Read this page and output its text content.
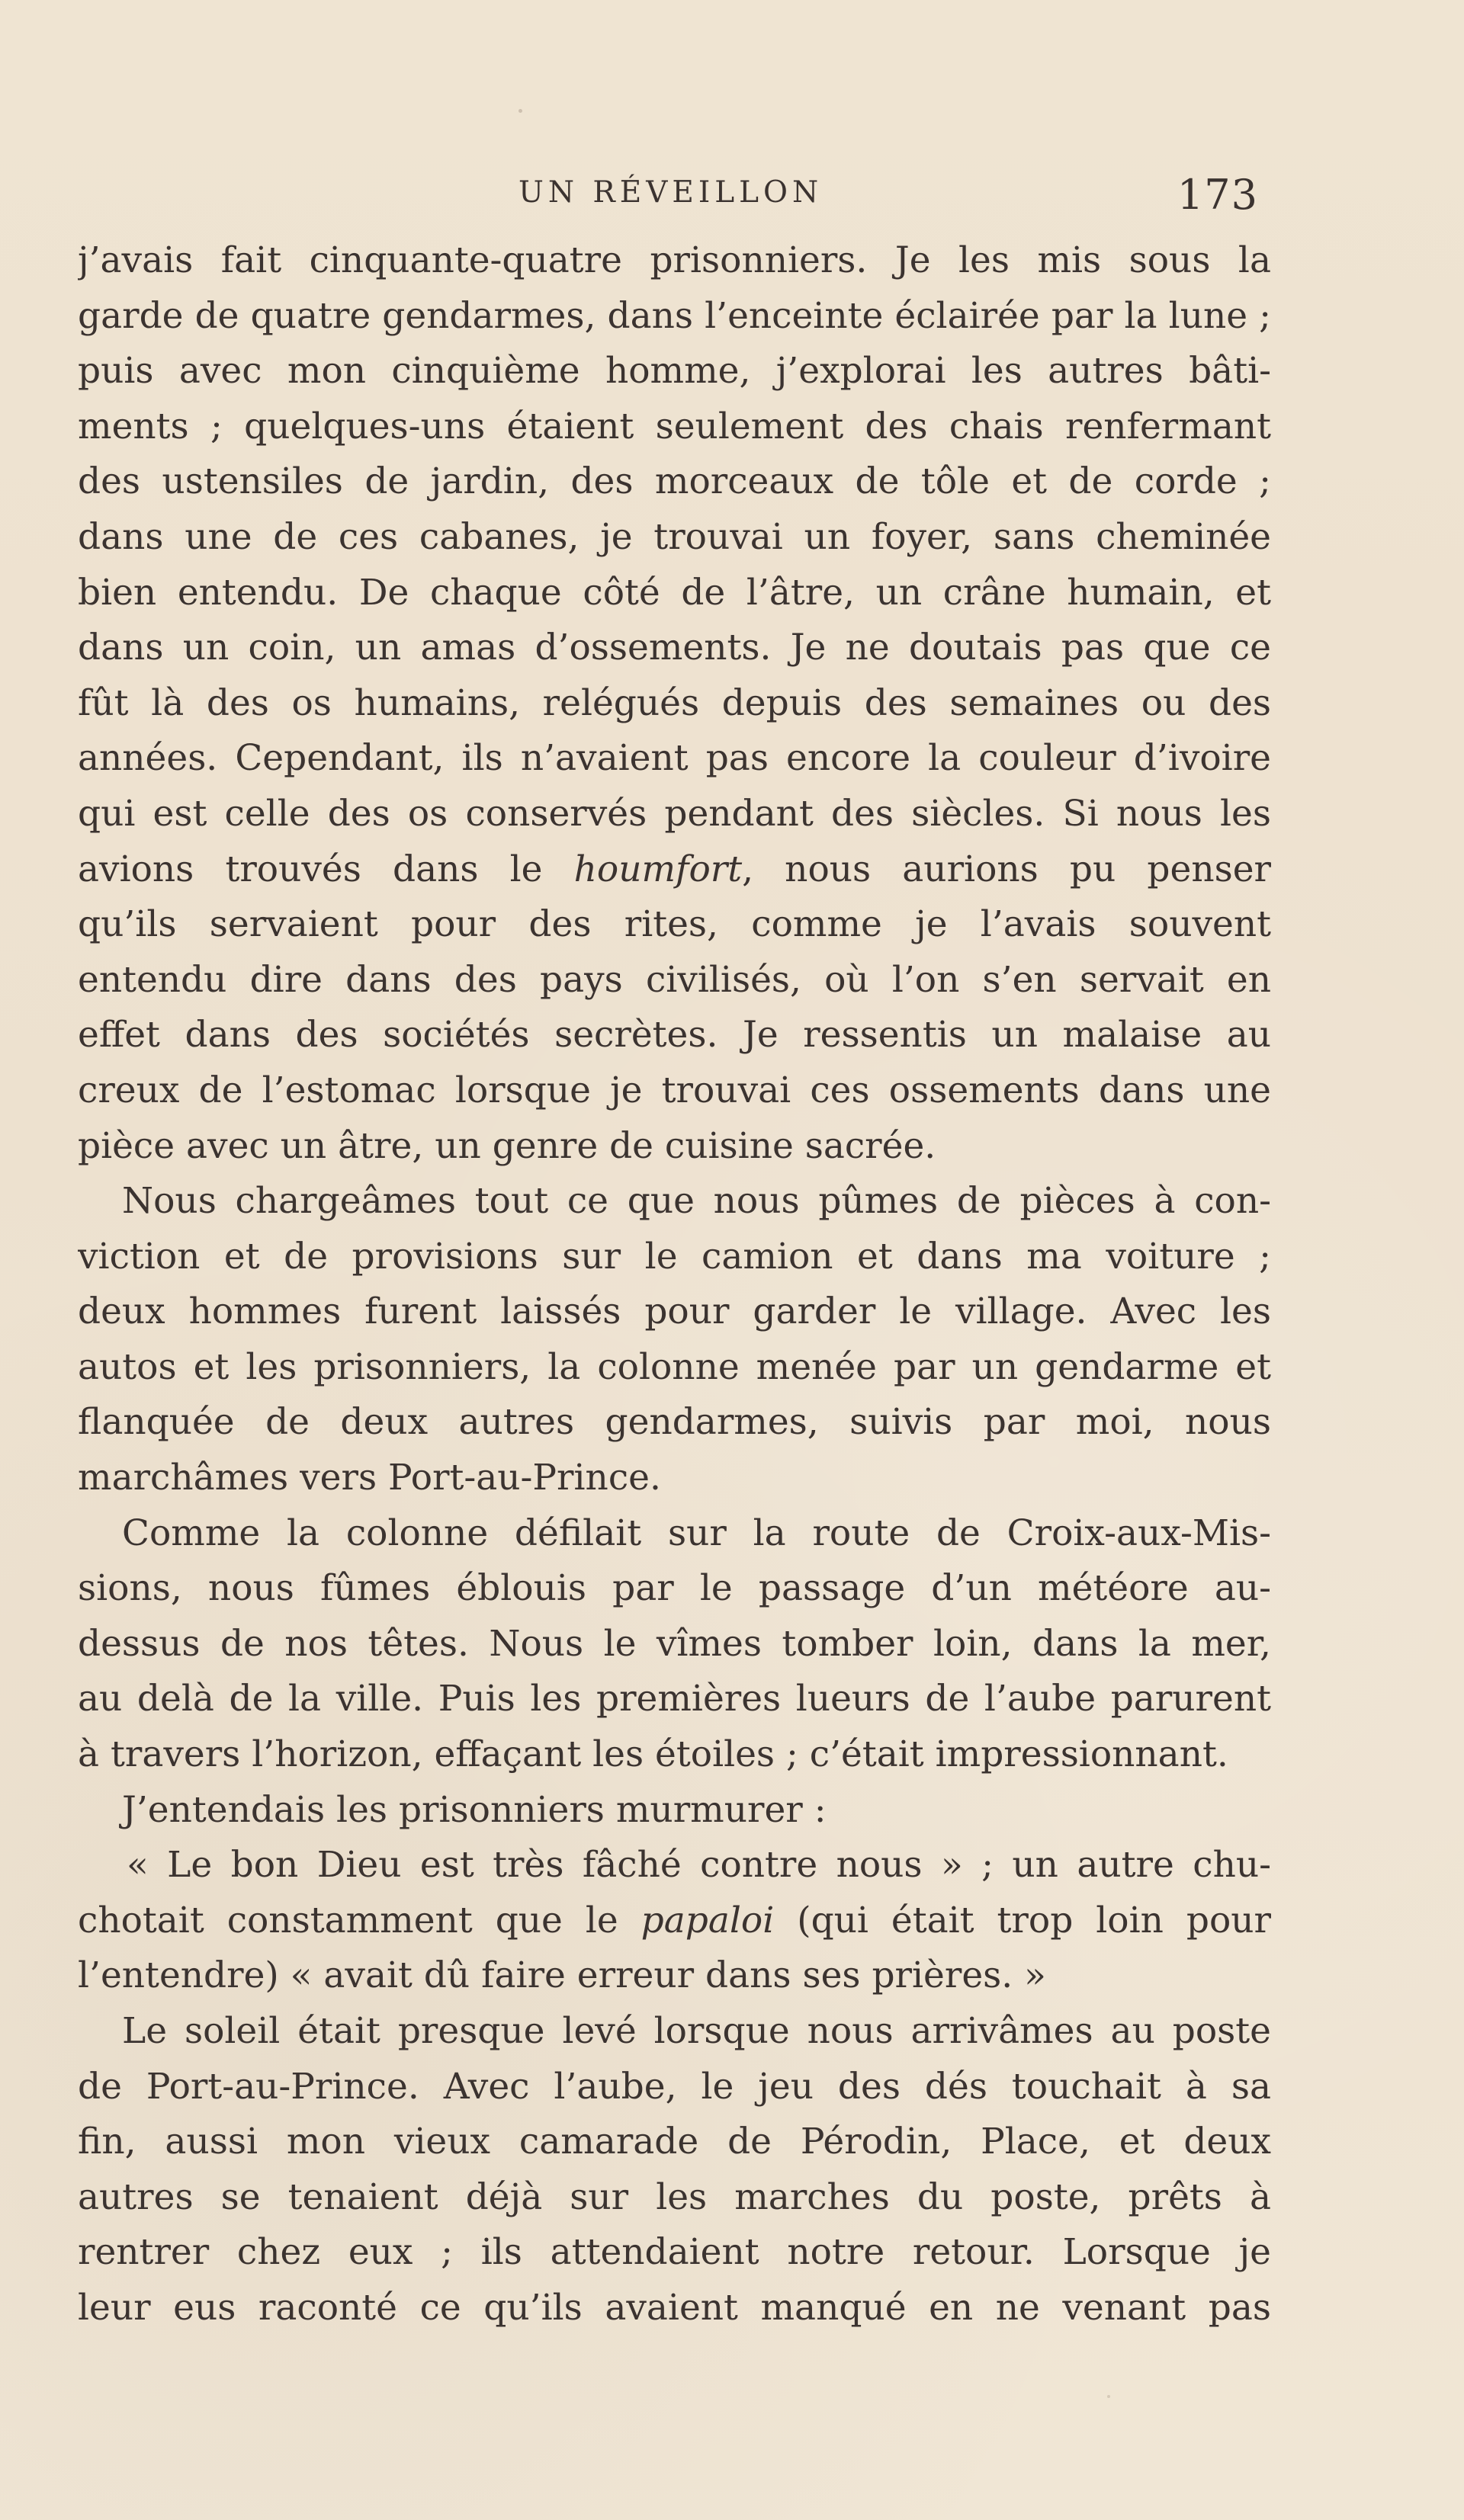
UN RÉVEILLON	173
j’avais fait cinquante-quatre prisonniers. Je les mis sous la
garde de quatre gendarmes, dans l’enceinte éclairée par la lune ;
puis avec mon cinquième homme, j’explorai les autres bâti-
ments ; quelques-uns étaient seulement des chais renfermant
des ustensiles de jardin, des morceaux de tôle et de corde ;
dans une de ces cabanes, je trouvai un foyer, sans cheminée
bien entendu. De chaque côté de l’âtre, un crâne humain, et
dans un coin, un amas d’ossements. Je ne doutais pas que ce
fût là des os humains, relégués depuis des semaines ou des
années. Cependant, ils n’avaient pas encore la couleur d’ivoire
qui est celle des os conservés pendant des siècles. Si nous les
avions trouvés dans le houmfort, nous aurions pu penser
qu’ils servaient pour des rites, comme je l’avais souvent
entendu dire dans des pays civilisés, où l’on s’en servait en
effet dans des sociétés secrètes. Je ressentis un malaise au
creux de l’estomac lorsque je trouvai ces ossements dans une
pièce avec un âtre, un genre de cuisine sacrée.
Nous chargeâmes tout ce que nous pûmes de pièces à con-
viction et de provisions sur le camion et dans ma voiture ;
deux hommes furent laissés pour garder le village. Avec les
autos et les prisonniers, la colonne menée par un gendarme et
flanquée de deux autres gendarmes, suivis par moi, nous
marchâmes vers Port-au-Prince.
Comme la colonne défilait sur la route de Croix-aux-Mis-
sions, nous fûmes éblouis par le passage d’un météore au-
dessus de nos têtes. Nous le vîmes tomber loin, dans la mer,
au delà de la ville. Puis les premières lueurs de l’aube parurent
à travers l’horizon, effaçant les étoiles ; c’était impressionnant.
J’entendais les prisonniers murmurer :
« Le bon Dieu est très fâché contre nous » ; un autre chu-
chotait constamment que le papaloi (qui était trop loin pour
l’entendre) « avait dû faire erreur dans ses prières. »
Le soleil était presque levé lorsque nous arrivâmes au poste
de Port-au-Prince. Avec l’aube, le jeu des dés touchait à sa
fin, aussi mon vieux camarade de Pérodin, Place, et deux
autres se tenaient déjà sur les marches du poste, prêts à
rentrer chez eux ; ils attendaient notre retour. Lorsque je
leur eus raconté ce qu’ils avaient manqué en ne venant pas
